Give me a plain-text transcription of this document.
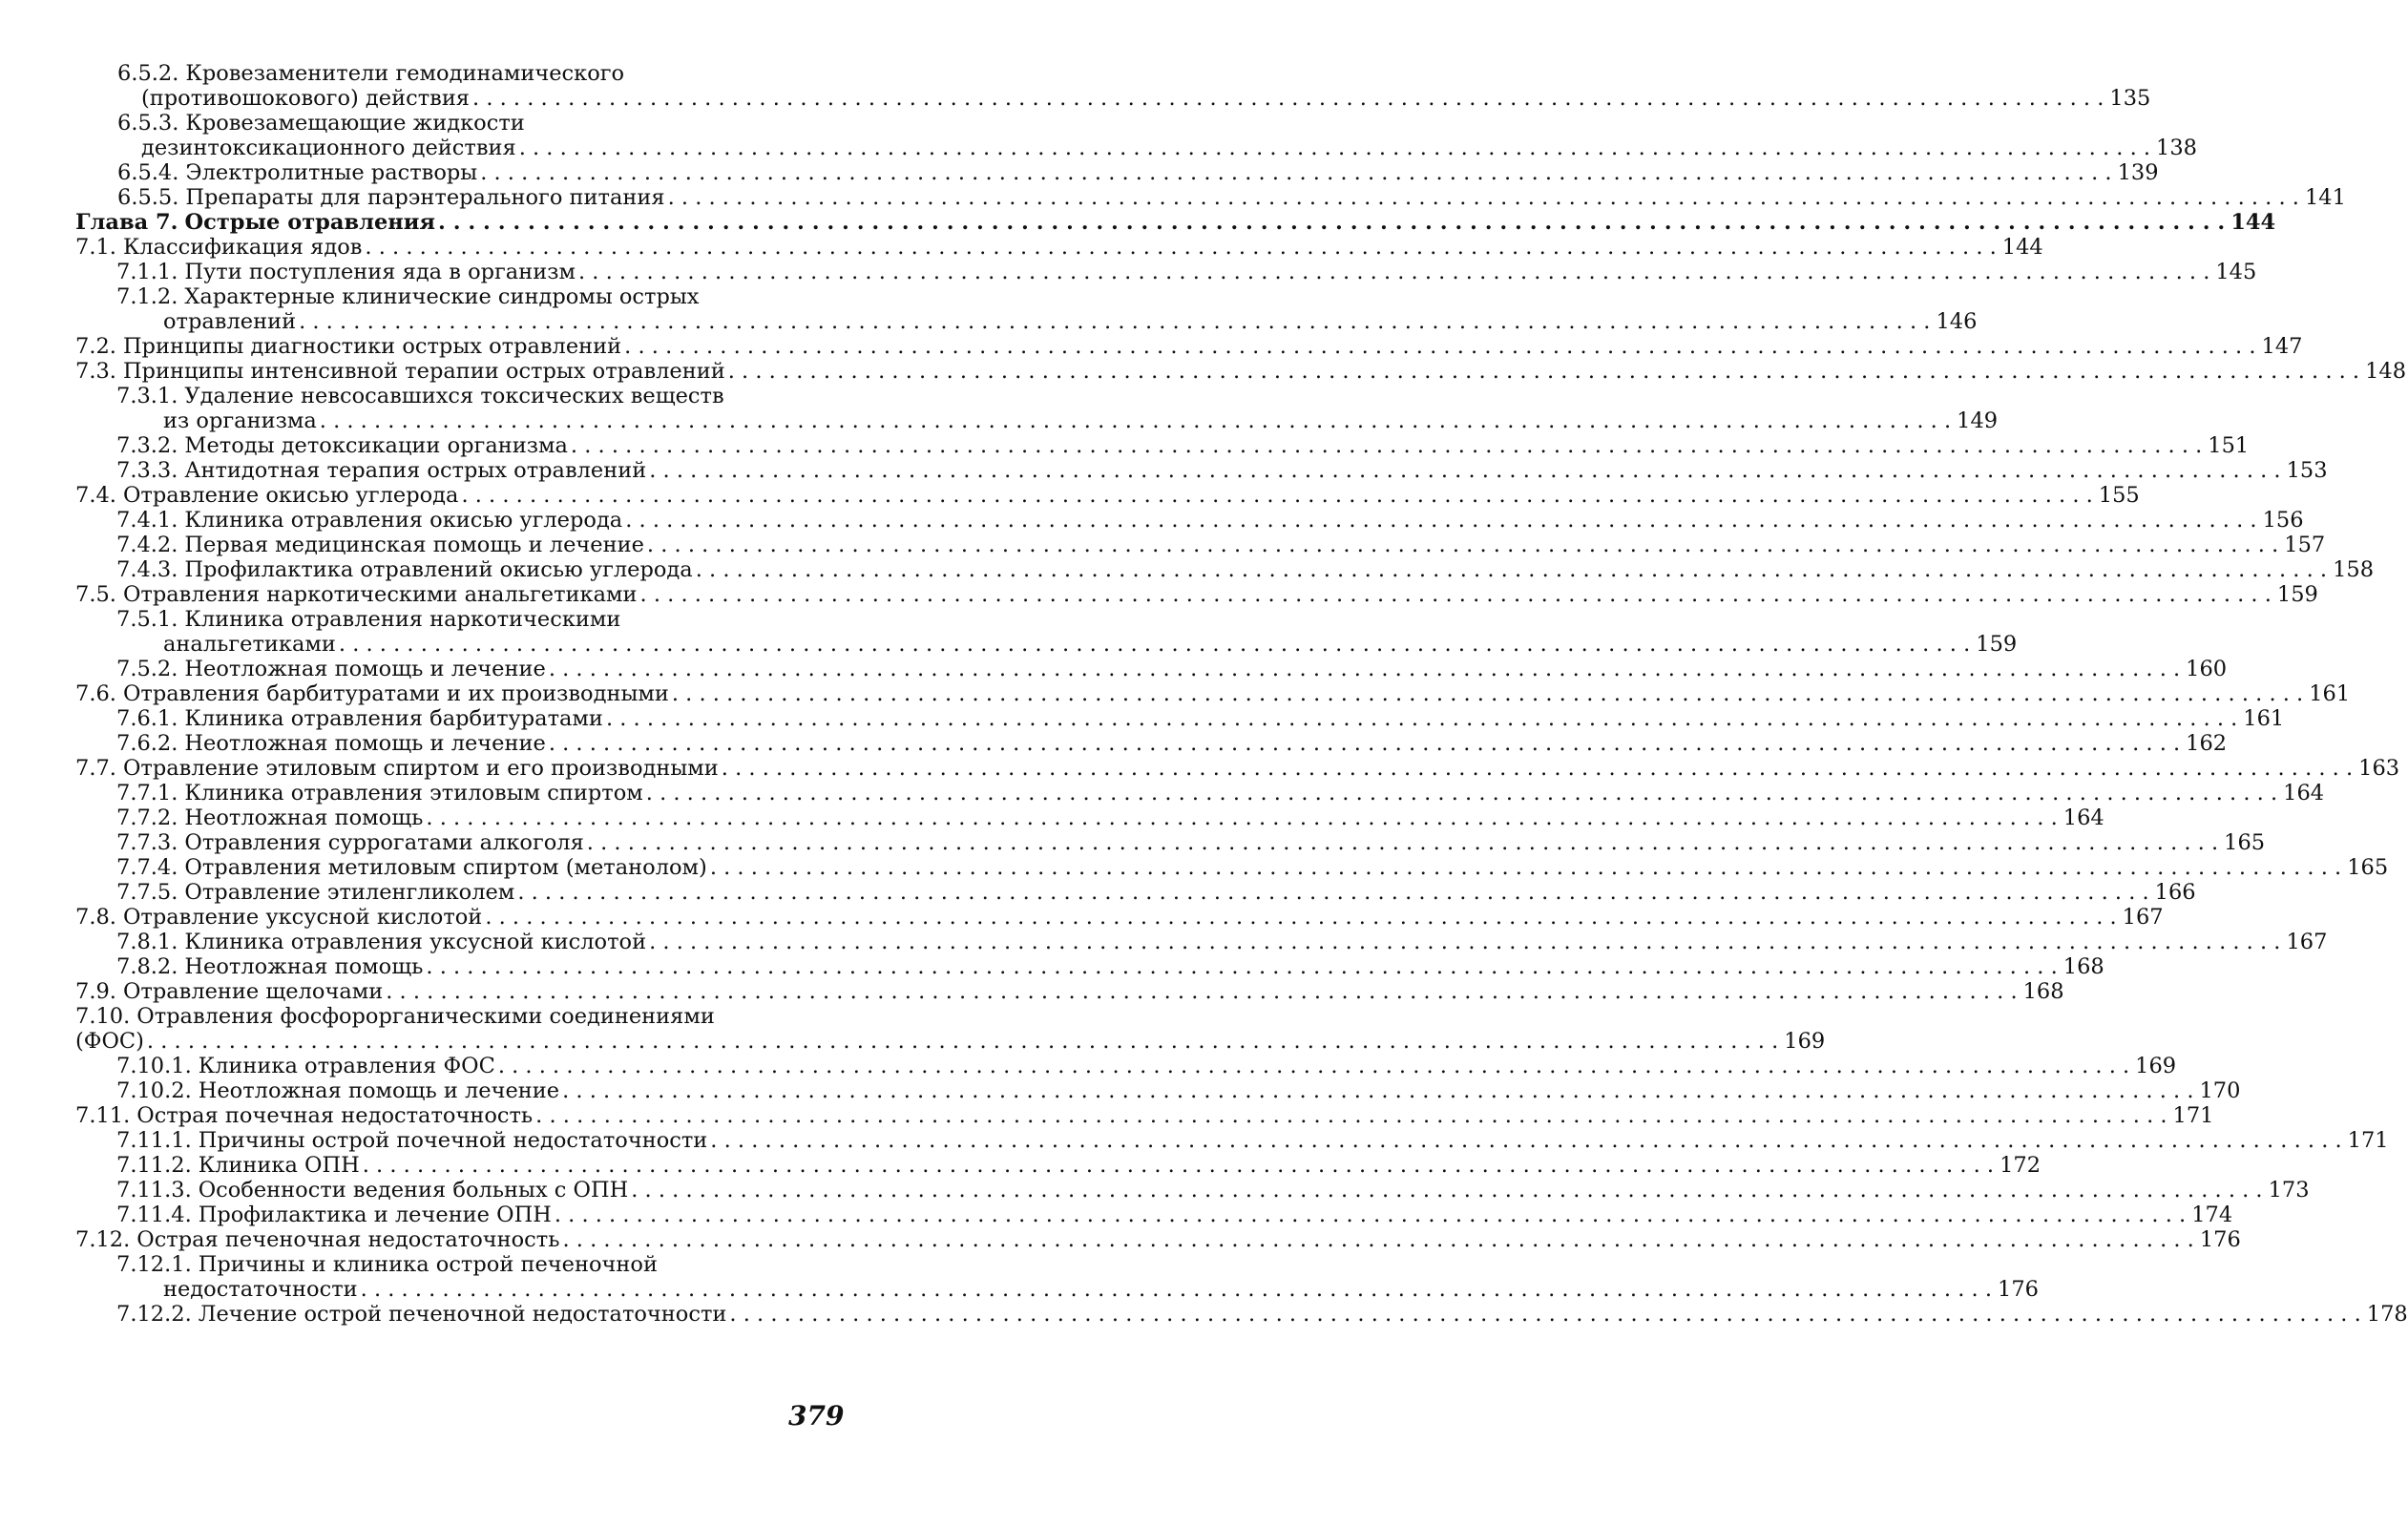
6.5.2. Кровезаменители гемодинамического
(противошокового) действия . . . . . . . . . . . . . . . . . . . . . . . . . . . . . . . . . . . . . . . . . . . . . . . . . . . . . . . . . . . . . . . . . . . . . . . . . . . . . . . . . . . . . . . . . . . . . . . . . . . . . . . . . . . . . . . . . . . . . . . . 135
6.5.3. Кровезамещающие жидкости
дезинтоксикационного действия . . . . . . . . . . . . . . . . . . . . . . . . . . . . . . . . . . . . . . . . . . . . . . . . . . . . . . . . . . . . . . . . . . . . . . . . . . . . . . . . . . . . . . . . . . . . . . . . . . . . . . . . . . . . . . . . . . . . . . . . 138
6.5.4. Электролитные растворы . . . . . . . . . . . . . . . . . . . . . . . . . . . . . . . . . . . . . . . . . . . . . . . . . . . . . . . . . . . . . . . . . . . . . . . . . . . . . . . . . . . . . . . . . . . . . . . . . . . . . . . . . . . . . . . . . . . . . . . . 139
6.5.5. Препараты для парэнтерального питания . . . . . . . . . . . . . . . . . . . . . . . . . . . . . . . . . . . . . . . . . . . . . . . . . . . . . . . . . . . . . . . . . . . . . . . . . . . . . . . . . . . . . . . . . . . . . . . . . . . . . . . . . . . . . . . . . . . . . . . . 141
Глава 7. Острые отравления . . . . . . . . . . . . . . . . . . . . . . . . . . . . . . . . . . . . . . . . . . . . . . . . . . . . . . . . . . . . . . . . . . . . . . . . . . . . . . . . . . . . . . . . . . . . . . . . . . . . . . . . . . . . . . . . . . . . . . . . 144
7.1. Классификация ядов . . . . . . . . . . . . . . . . . . . . . . . . . . . . . . . . . . . . . . . . . . . . . . . . . . . . . . . . . . . . . . . . . . . . . . . . . . . . . . . . . . . . . . . . . . . . . . . . . . . . . . . . . . . . . . . . . . . . . . . . 144
7.1.1. Пути поступления яда в организм . . . . . . . . . . . . . . . . . . . . . . . . . . . . . . . . . . . . . . . . . . . . . . . . . . . . . . . . . . . . . . . . . . . . . . . . . . . . . . . . . . . . . . . . . . . . . . . . . . . . . . . . . . . . . . . . . . . . . . . . 145
7.1.2. Характерные клинические синдромы острых
отравлений . . . . . . . . . . . . . . . . . . . . . . . . . . . . . . . . . . . . . . . . . . . . . . . . . . . . . . . . . . . . . . . . . . . . . . . . . . . . . . . . . . . . . . . . . . . . . . . . . . . . . . . . . . . . . . . . . . . . . . . . 146
7.2. Принципы диагностики острых отравлений . . . . . . . . . . . . . . . . . . . . . . . . . . . . . . . . . . . . . . . . . . . . . . . . . . . . . . . . . . . . . . . . . . . . . . . . . . . . . . . . . . . . . . . . . . . . . . . . . . . . . . . . . . . . . . . . . . . . . . . . 147
7.3. Принципы интенсивной терапии острых отравлений . . . . . . . . . . . . . . . . . . . . . . . . . . . . . . . . . . . . . . . . . . . . . . . . . . . . . . . . . . . . . . . . . . . . . . . . . . . . . . . . . . . . . . . . . . . . . . . . . . . . . . . . . . . . . . . . . . . . . . . . 148
7.3.1. Удаление невсосавшихся токсических веществ
из организма . . . . . . . . . . . . . . . . . . . . . . . . . . . . . . . . . . . . . . . . . . . . . . . . . . . . . . . . . . . . . . . . . . . . . . . . . . . . . . . . . . . . . . . . . . . . . . . . . . . . . . . . . . . . . . . . . . . . . . . . 149
7.3.2. Методы детоксикации организма . . . . . . . . . . . . . . . . . . . . . . . . . . . . . . . . . . . . . . . . . . . . . . . . . . . . . . . . . . . . . . . . . . . . . . . . . . . . . . . . . . . . . . . . . . . . . . . . . . . . . . . . . . . . . . . . . . . . . . . . 151
7.3.3. Антидотная терапия острых отравлений . . . . . . . . . . . . . . . . . . . . . . . . . . . . . . . . . . . . . . . . . . . . . . . . . . . . . . . . . . . . . . . . . . . . . . . . . . . . . . . . . . . . . . . . . . . . . . . . . . . . . . . . . . . . . . . . . . . . . . . . 153
7.4. Отравление окисью углерода . . . . . . . . . . . . . . . . . . . . . . . . . . . . . . . . . . . . . . . . . . . . . . . . . . . . . . . . . . . . . . . . . . . . . . . . . . . . . . . . . . . . . . . . . . . . . . . . . . . . . . . . . . . . . . . . . . . . . . . . 155
7.4.1. Клиника отравления окисью углерода . . . . . . . . . . . . . . . . . . . . . . . . . . . . . . . . . . . . . . . . . . . . . . . . . . . . . . . . . . . . . . . . . . . . . . . . . . . . . . . . . . . . . . . . . . . . . . . . . . . . . . . . . . . . . . . . . . . . . . . . 156
7.4.2. Первая медицинская помощь и лечение . . . . . . . . . . . . . . . . . . . . . . . . . . . . . . . . . . . . . . . . . . . . . . . . . . . . . . . . . . . . . . . . . . . . . . . . . . . . . . . . . . . . . . . . . . . . . . . . . . . . . . . . . . . . . . . . . . . . . . . . 157
7.4.3. Профилактика отравлений окисью углерода . . . . . . . . . . . . . . . . . . . . . . . . . . . . . . . . . . . . . . . . . . . . . . . . . . . . . . . . . . . . . . . . . . . . . . . . . . . . . . . . . . . . . . . . . . . . . . . . . . . . . . . . . . . . . . . . . . . . . . . . 158
7.5. Отравления наркотическими анальгетиками . . . . . . . . . . . . . . . . . . . . . . . . . . . . . . . . . . . . . . . . . . . . . . . . . . . . . . . . . . . . . . . . . . . . . . . . . . . . . . . . . . . . . . . . . . . . . . . . . . . . . . . . . . . . . . . . . . . . . . . . 159
7.5.1. Клиника отравления наркотическими
анальгетиками . . . . . . . . . . . . . . . . . . . . . . . . . . . . . . . . . . . . . . . . . . . . . . . . . . . . . . . . . . . . . . . . . . . . . . . . . . . . . . . . . . . . . . . . . . . . . . . . . . . . . . . . . . . . . . . . . . . . . . . . 159
7.5.2. Неотложная помощь и лечение . . . . . . . . . . . . . . . . . . . . . . . . . . . . . . . . . . . . . . . . . . . . . . . . . . . . . . . . . . . . . . . . . . . . . . . . . . . . . . . . . . . . . . . . . . . . . . . . . . . . . . . . . . . . . . . . . . . . . . . . 160
7.6. Отравления барбитуратами и их производными . . . . . . . . . . . . . . . . . . . . . . . . . . . . . . . . . . . . . . . . . . . . . . . . . . . . . . . . . . . . . . . . . . . . . . . . . . . . . . . . . . . . . . . . . . . . . . . . . . . . . . . . . . . . . . . . . . . . . . . . 161
7.6.1. Клиника отравления барбитуратами . . . . . . . . . . . . . . . . . . . . . . . . . . . . . . . . . . . . . . . . . . . . . . . . . . . . . . . . . . . . . . . . . . . . . . . . . . . . . . . . . . . . . . . . . . . . . . . . . . . . . . . . . . . . . . . . . . . . . . . . 161
7.6.2. Неотложная помощь и лечение . . . . . . . . . . . . . . . . . . . . . . . . . . . . . . . . . . . . . . . . . . . . . . . . . . . . . . . . . . . . . . . . . . . . . . . . . . . . . . . . . . . . . . . . . . . . . . . . . . . . . . . . . . . . . . . . . . . . . . . . 162
7.7. Отравление этиловым спиртом и его производными . . . . . . . . . . . . . . . . . . . . . . . . . . . . . . . . . . . . . . . . . . . . . . . . . . . . . . . . . . . . . . . . . . . . . . . . . . . . . . . . . . . . . . . . . . . . . . . . . . . . . . . . . . . . . . . . . . . . . . . . 163
7.7.1. Клиника отравления этиловым спиртом . . . . . . . . . . . . . . . . . . . . . . . . . . . . . . . . . . . . . . . . . . . . . . . . . . . . . . . . . . . . . . . . . . . . . . . . . . . . . . . . . . . . . . . . . . . . . . . . . . . . . . . . . . . . . . . . . . . . . . . . 164
7.7.2. Неотложная помощь . . . . . . . . . . . . . . . . . . . . . . . . . . . . . . . . . . . . . . . . . . . . . . . . . . . . . . . . . . . . . . . . . . . . . . . . . . . . . . . . . . . . . . . . . . . . . . . . . . . . . . . . . . . . . . . . . . . . . . . . 164
7.7.3. Отравления суррогатами алкоголя . . . . . . . . . . . . . . . . . . . . . . . . . . . . . . . . . . . . . . . . . . . . . . . . . . . . . . . . . . . . . . . . . . . . . . . . . . . . . . . . . . . . . . . . . . . . . . . . . . . . . . . . . . . . . . . . . . . . . . . . 165
7.7.4. Отравления метиловым спиртом (метанолом) . . . . . . . . . . . . . . . . . . . . . . . . . . . . . . . . . . . . . . . . . . . . . . . . . . . . . . . . . . . . . . . . . . . . . . . . . . . . . . . . . . . . . . . . . . . . . . . . . . . . . . . . . . . . . . . . . . . . . . . . 165
7.7.5. Отравление этиленгликолем . . . . . . . . . . . . . . . . . . . . . . . . . . . . . . . . . . . . . . . . . . . . . . . . . . . . . . . . . . . . . . . . . . . . . . . . . . . . . . . . . . . . . . . . . . . . . . . . . . . . . . . . . . . . . . . . . . . . . . . . 166
7.8. Отравление уксусной кислотой . . . . . . . . . . . . . . . . . . . . . . . . . . . . . . . . . . . . . . . . . . . . . . . . . . . . . . . . . . . . . . . . . . . . . . . . . . . . . . . . . . . . . . . . . . . . . . . . . . . . . . . . . . . . . . . . . . . . . . . . 167
7.8.1. Клиника отравления уксусной кислотой . . . . . . . . . . . . . . . . . . . . . . . . . . . . . . . . . . . . . . . . . . . . . . . . . . . . . . . . . . . . . . . . . . . . . . . . . . . . . . . . . . . . . . . . . . . . . . . . . . . . . . . . . . . . . . . . . . . . . . . . 167
7.8.2. Неотложная помощь . . . . . . . . . . . . . . . . . . . . . . . . . . . . . . . . . . . . . . . . . . . . . . . . . . . . . . . . . . . . . . . . . . . . . . . . . . . . . . . . . . . . . . . . . . . . . . . . . . . . . . . . . . . . . . . . . . . . . . . . 168
7.9. Отравление щелочами . . . . . . . . . . . . . . . . . . . . . . . . . . . . . . . . . . . . . . . . . . . . . . . . . . . . . . . . . . . . . . . . . . . . . . . . . . . . . . . . . . . . . . . . . . . . . . . . . . . . . . . . . . . . . . . . . . . . . . . . 168
7.10. Отравления фосфорорганическими соединениями
(ФОС) . . . . . . . . . . . . . . . . . . . . . . . . . . . . . . . . . . . . . . . . . . . . . . . . . . . . . . . . . . . . . . . . . . . . . . . . . . . . . . . . . . . . . . . . . . . . . . . . . . . . . . . . . . . . . . . . . . . . . . . . 169
7.10.1. Клиника отравления ФОС . . . . . . . . . . . . . . . . . . . . . . . . . . . . . . . . . . . . . . . . . . . . . . . . . . . . . . . . . . . . . . . . . . . . . . . . . . . . . . . . . . . . . . . . . . . . . . . . . . . . . . . . . . . . . . . . . . . . . . . . 169
7.10.2. Неотложная помощь и лечение . . . . . . . . . . . . . . . . . . . . . . . . . . . . . . . . . . . . . . . . . . . . . . . . . . . . . . . . . . . . . . . . . . . . . . . . . . . . . . . . . . . . . . . . . . . . . . . . . . . . . . . . . . . . . . . . . . . . . . . . 170
7.11. Острая почечная недостаточность . . . . . . . . . . . . . . . . . . . . . . . . . . . . . . . . . . . . . . . . . . . . . . . . . . . . . . . . . . . . . . . . . . . . . . . . . . . . . . . . . . . . . . . . . . . . . . . . . . . . . . . . . . . . . . . . . . . . . . . . 171
7.11.1. Причины острой почечной недостаточности . . . . . . . . . . . . . . . . . . . . . . . . . . . . . . . . . . . . . . . . . . . . . . . . . . . . . . . . . . . . . . . . . . . . . . . . . . . . . . . . . . . . . . . . . . . . . . . . . . . . . . . . . . . . . . . . . . . . . . . . 171
7.11.2. Клиника ОПН . . . . . . . . . . . . . . . . . . . . . . . . . . . . . . . . . . . . . . . . . . . . . . . . . . . . . . . . . . . . . . . . . . . . . . . . . . . . . . . . . . . . . . . . . . . . . . . . . . . . . . . . . . . . . . . . . . . . . . . . 172
7.11.3. Особенности ведения больных с ОПН . . . . . . . . . . . . . . . . . . . . . . . . . . . . . . . . . . . . . . . . . . . . . . . . . . . . . . . . . . . . . . . . . . . . . . . . . . . . . . . . . . . . . . . . . . . . . . . . . . . . . . . . . . . . . . . . . . . . . . . . 173
7.11.4. Профилактика и лечение ОПН . . . . . . . . . . . . . . . . . . . . . . . . . . . . . . . . . . . . . . . . . . . . . . . . . . . . . . . . . . . . . . . . . . . . . . . . . . . . . . . . . . . . . . . . . . . . . . . . . . . . . . . . . . . . . . . . . . . . . . . . 174
7.12. Острая печеночная недостаточность . . . . . . . . . . . . . . . . . . . . . . . . . . . . . . . . . . . . . . . . . . . . . . . . . . . . . . . . . . . . . . . . . . . . . . . . . . . . . . . . . . . . . . . . . . . . . . . . . . . . . . . . . . . . . . . . . . . . . . . . 176
7.12.1. Причины и клиника острой печеночной
недостаточности . . . . . . . . . . . . . . . . . . . . . . . . . . . . . . . . . . . . . . . . . . . . . . . . . . . . . . . . . . . . . . . . . . . . . . . . . . . . . . . . . . . . . . . . . . . . . . . . . . . . . . . . . . . . . . . . . . . . . . . . 176
7.12.2. Лечение острой печеночной недостаточности . . . . . . . . . . . . . . . . . . . . . . . . . . . . . . . . . . . . . . . . . . . . . . . . . . . . . . . . . . . . . . . . . . . . . . . . . . . . . . . . . . . . . . . . . . . . . . . . . . . . . . . . . . . . . . . . . . . . . . . . 178
379
